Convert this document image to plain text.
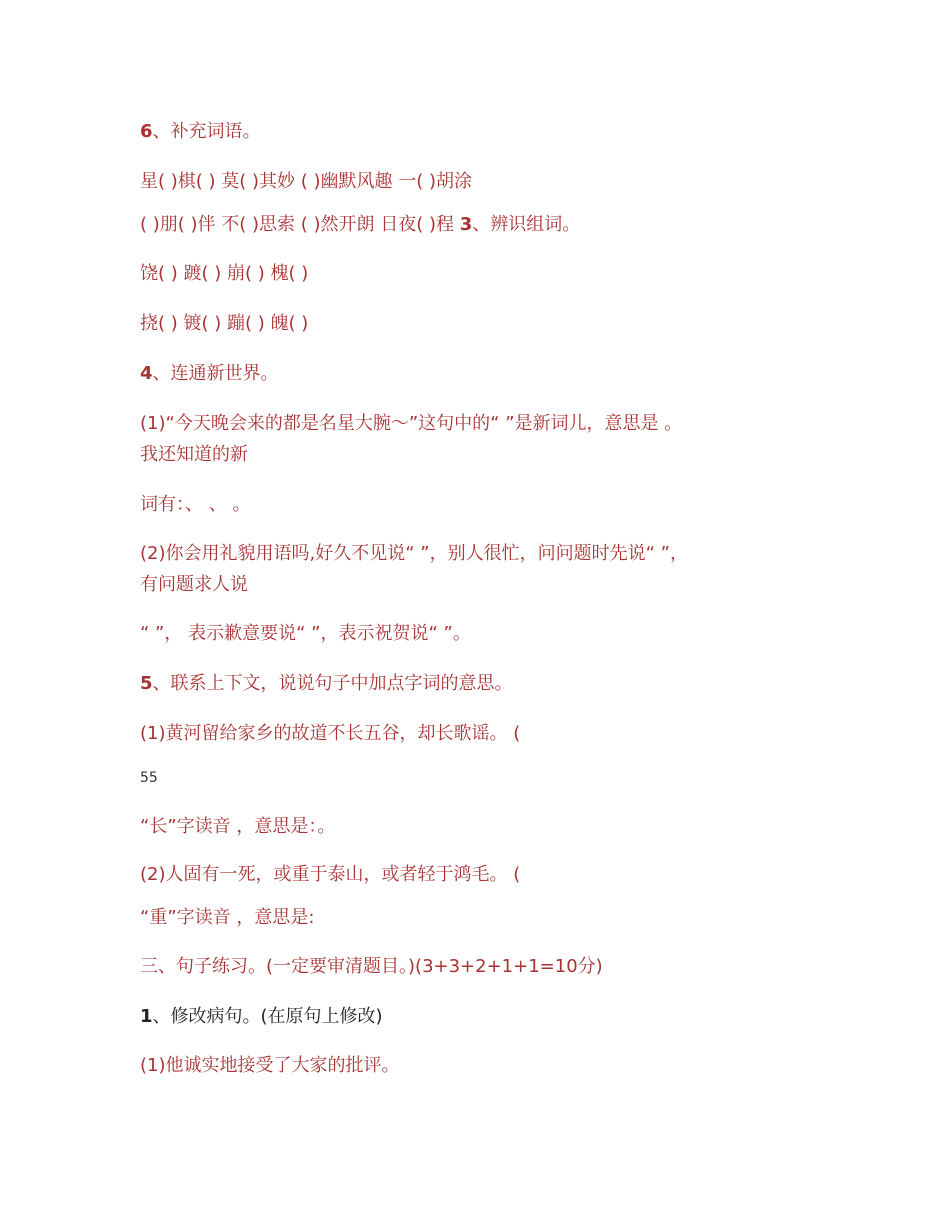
6、补充词语。
星( )棋( ) 莫( )其妙 ( )幽默风趣 一( )胡涂
( )朋( )伴 不( )思索 ( )然开朗 日夜( )程 3、辨识组词。
饶( ) 踱( ) 崩( ) 槐( )
挠( ) 镀( ) 蹦( ) 魄( )
4、连通新世界。
(1)“今天晚会来的都是名星大腕～”这句中的“ ”是新词儿，意思是 。
我还知道的新
词有：、 、 。
(2)你会用礼貌用语吗,好久不见说“ ”，别人很忙，问问题时先说“ ”，
有问题求人说
“ ”， 表示歉意要说“ ”，表示祝贺说“ ”。
5、联系上下文，说说句子中加点字词的意思。
(1)黄河留给家乡的故道不长五谷，却长歌谣。 (
55
“长”字读音 ，意思是：。
(2)人固有一死，或重于泰山，或者轻于鸿毛。 (
“重”字读音 ，意思是:
三、句子练习。(一定要审清题目。)(3+3+2+1+1=10分)
1、修改病句。(在原句上修改)
(1)他诚实地接受了大家的批评。
